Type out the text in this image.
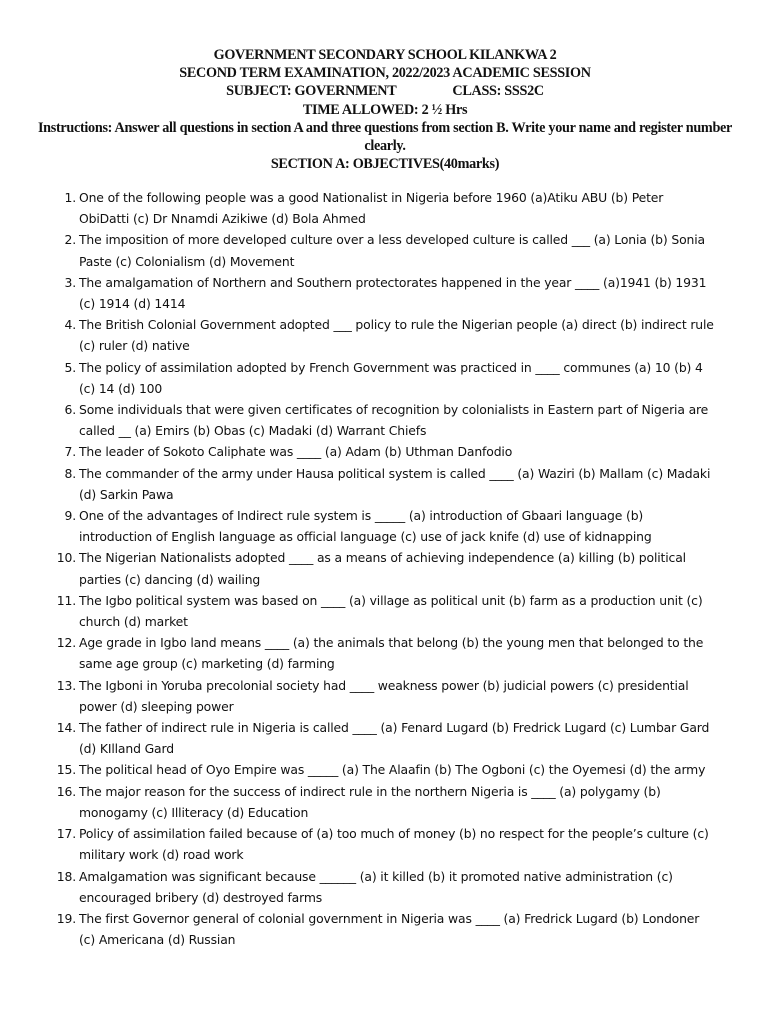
GOVERNMENT SECONDARY SCHOOL KILANKWA 2
SECOND TERM EXAMINATION, 2022/2023 ACADEMIC SESSION
SUBJECT: GOVERNMENT	CLASS: SSS2C
TIME ALLOWED: 2 ½ Hrs
Instructions: Answer all questions in section A and three questions from section B. Write your name and register number clearly.
SECTION A: OBJECTIVES(40marks)
1. One of the following people was a good Nationalist in Nigeria before 1960 (a)Atiku ABU (b) Peter ObiDatti (c) Dr Nnamdi Azikiwe (d) Bola Ahmed
2. The imposition of more developed culture over a less developed culture is called ___ (a) Lonia (b) Sonia Paste (c) Colonialism (d) Movement
3. The amalgamation of Northern and Southern protectorates happened in the year ____ (a)1941 (b) 1931 (c) 1914 (d) 1414
4. The British Colonial Government adopted ___ policy to rule the Nigerian people (a) direct (b) indirect rule (c) ruler (d) native
5. The policy of assimilation adopted by French Government was practiced in ____ communes (a) 10 (b) 4 (c) 14 (d) 100
6. Some individuals that were given certificates of recognition by colonialists in Eastern part of Nigeria are called __ (a) Emirs (b) Obas (c) Madaki (d) Warrant Chiefs
7. The leader of Sokoto Caliphate was ____ (a) Adam (b) Uthman Danfodio
8. The commander of the army under Hausa political system is called ____ (a) Waziri (b) Mallam (c) Madaki (d) Sarkin Pawa
9. One of the advantages of Indirect rule system is _____ (a) introduction of Gbaari language (b) introduction of English language as official language (c) use of jack knife (d) use of kidnapping
10. The Nigerian Nationalists adopted ____ as a means of achieving independence (a) killing (b) political parties (c) dancing (d) wailing
11. The Igbo political system was based on ____ (a) village as political unit (b) farm as a production unit (c) church (d) market
12. Age grade in Igbo land means ____ (a) the animals that belong (b) the young men that belonged to the same age group (c) marketing (d) farming
13. The Igboni in Yoruba precolonial society had ____ weakness power (b) judicial powers (c) presidential power (d) sleeping power
14. The father of indirect rule in Nigeria is called ____ (a) Fenard Lugard (b) Fredrick Lugard (c) Lumbar Gard (d) KIlland Gard
15. The political head of Oyo Empire was _____ (a) The Alaafin (b) The Ogboni (c) the Oyemesi (d) the army
16. The major reason for the success of indirect rule in the northern Nigeria is ____ (a) polygamy (b) monogamy (c) Illiteracy (d) Education
17. Policy of assimilation failed because of (a) too much of money (b) no respect for the people’s culture (c) military work (d) road work
18. Amalgamation was significant because ______ (a) it killed (b) it promoted native administration (c) encouraged bribery (d) destroyed farms
19. The first Governor general of colonial government in Nigeria was ____ (a) Fredrick Lugard (b) Londoner (c) Americana (d) Russian
